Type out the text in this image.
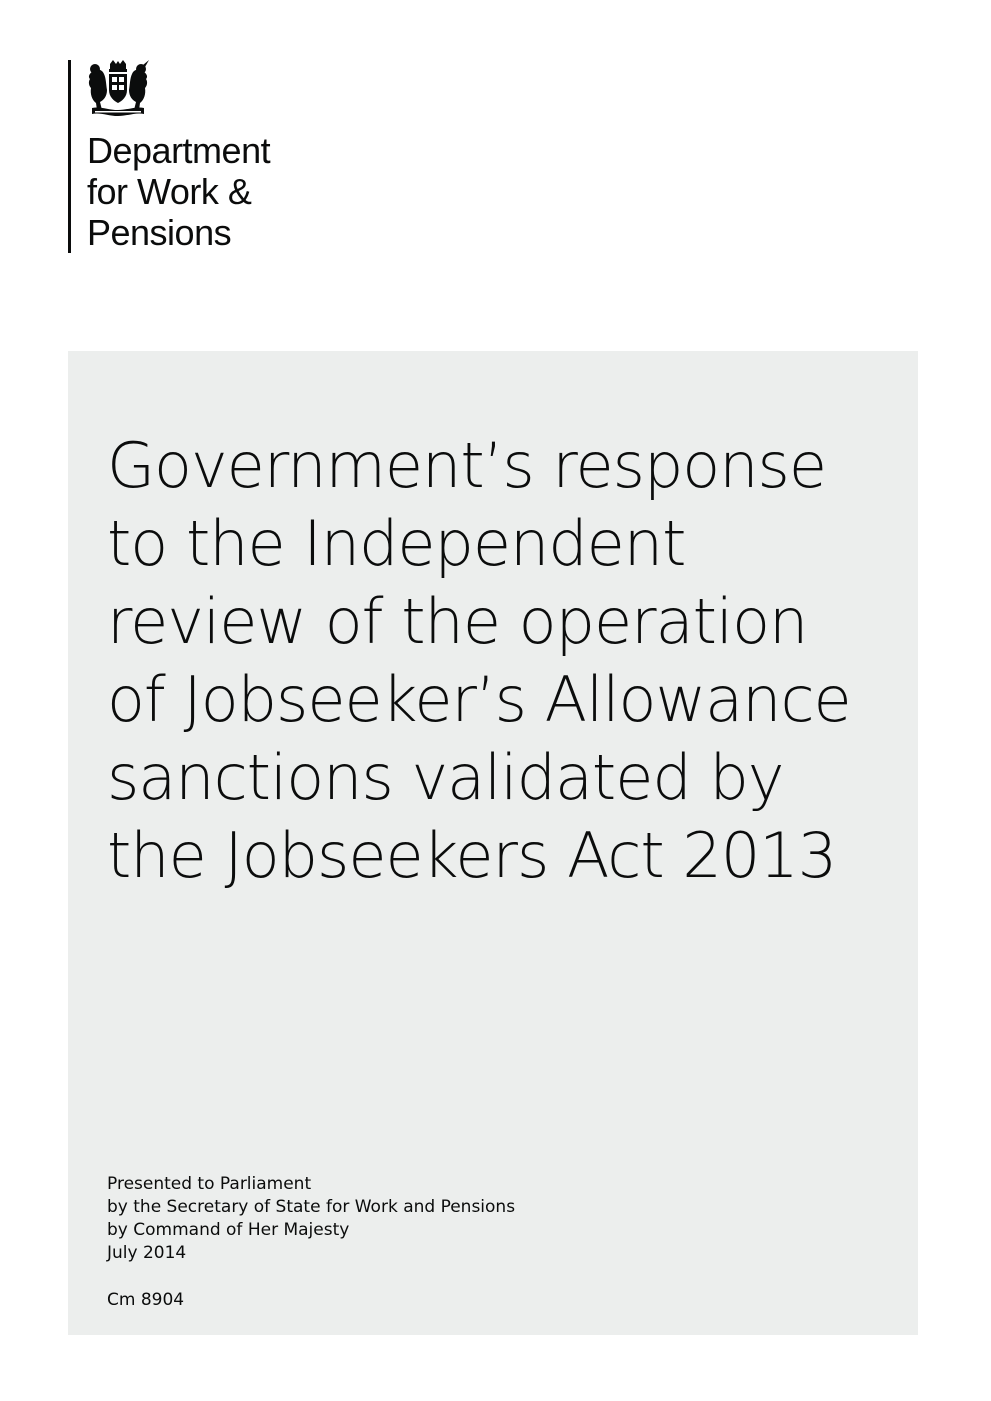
Department
for Work &
Pensions
Government’s response
to the Independent
review of the operation
of Jobseeker’s Allowance
sanctions validated by
the Jobseekers Act 2013
Presented to Parliament
by the Secretary of State for Work and Pensions
by Command of Her Majesty
July 2014
Cm 8904
